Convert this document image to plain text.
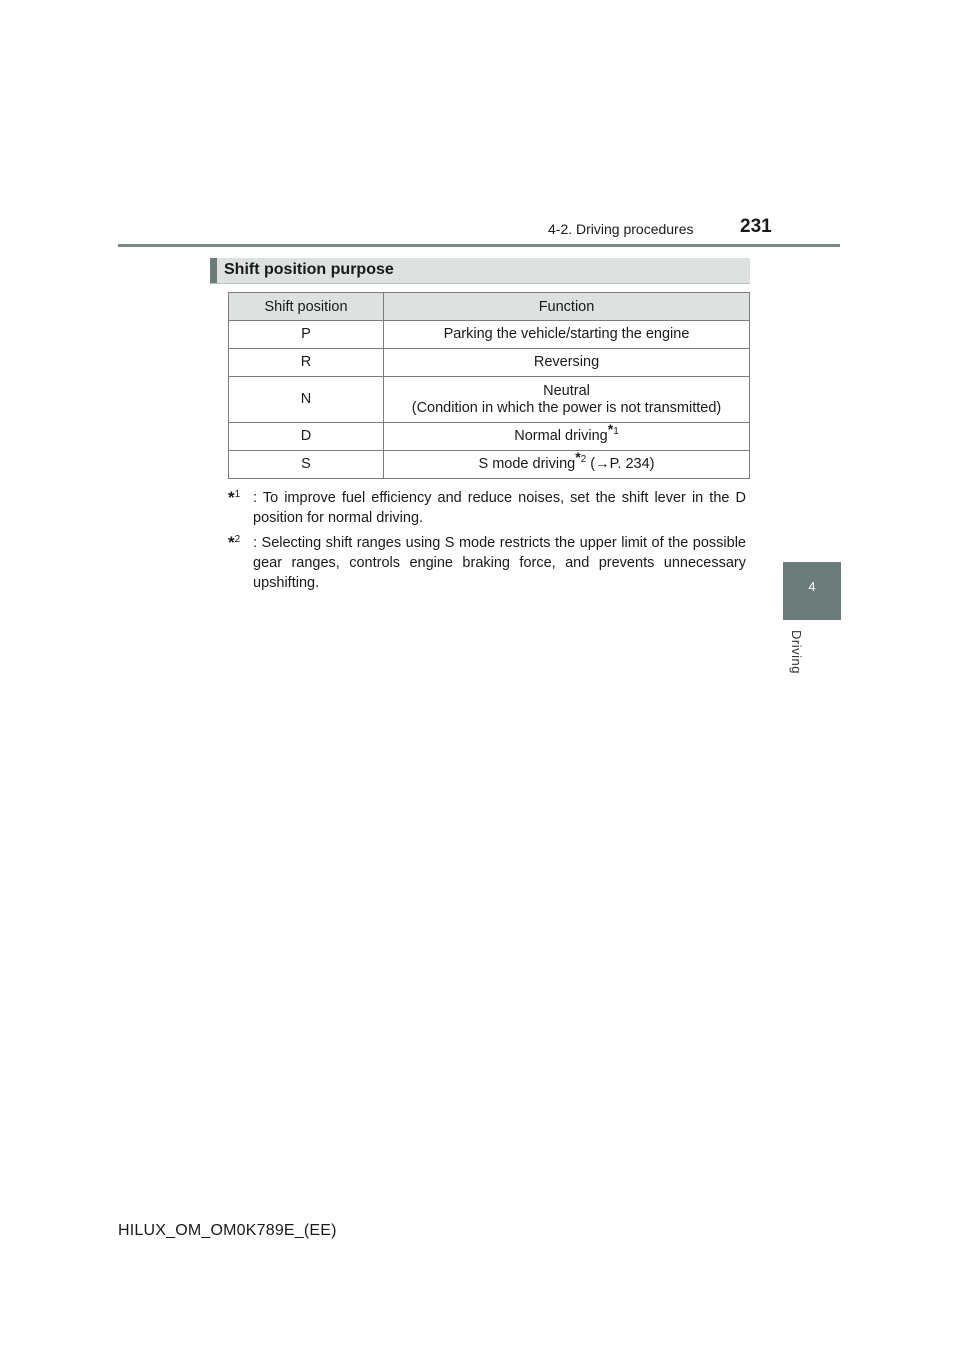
4-2. Driving procedures 231
4
Driving
Shift position purpose
Shift position	Function
P	Parking the vehicle/starting the engine
R	Reversing
N	Neutral
(Condition in which the power is not transmitted)

D	Normal driving$^{*1}$
S	S mode driving$^{*2}$ (→P. 234)
*$^1$ : To improve fuel efficiency and reduce noises, set the shift lever in the D position for normal driving.
*$^2$ : Selecting shift ranges using S mode restricts the upper limit of the possible gear ranges, controls engine braking force, and prevents unnecessary upshifting.
HILUX_OM_OM0K789E_(EE)
